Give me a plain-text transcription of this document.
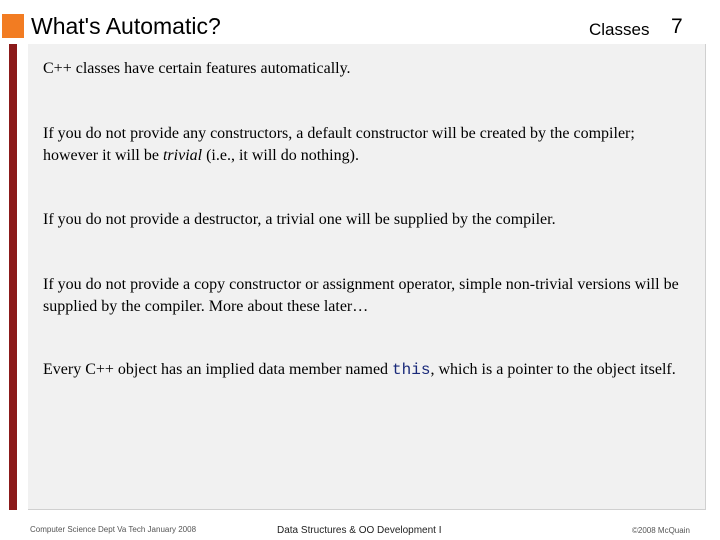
What's Automatic?	Classes 7

C++ classes have certain features automatically.

If you do not provide any constructors, a default constructor will be created by the compiler; however it will be trivial (i.e., it will do nothing).

If you do not provide a destructor, a trivial one will be supplied by the compiler.

If you do not provide a copy constructor or assignment operator, simple non-trivial versions will be supplied by the compiler. More about these later…

Every C++ object has an implied data member named this, which is a pointer to the object itself.

Computer Science Dept Va Tech January 2008	Data Structures & OO Development I	©2008 McQuain
